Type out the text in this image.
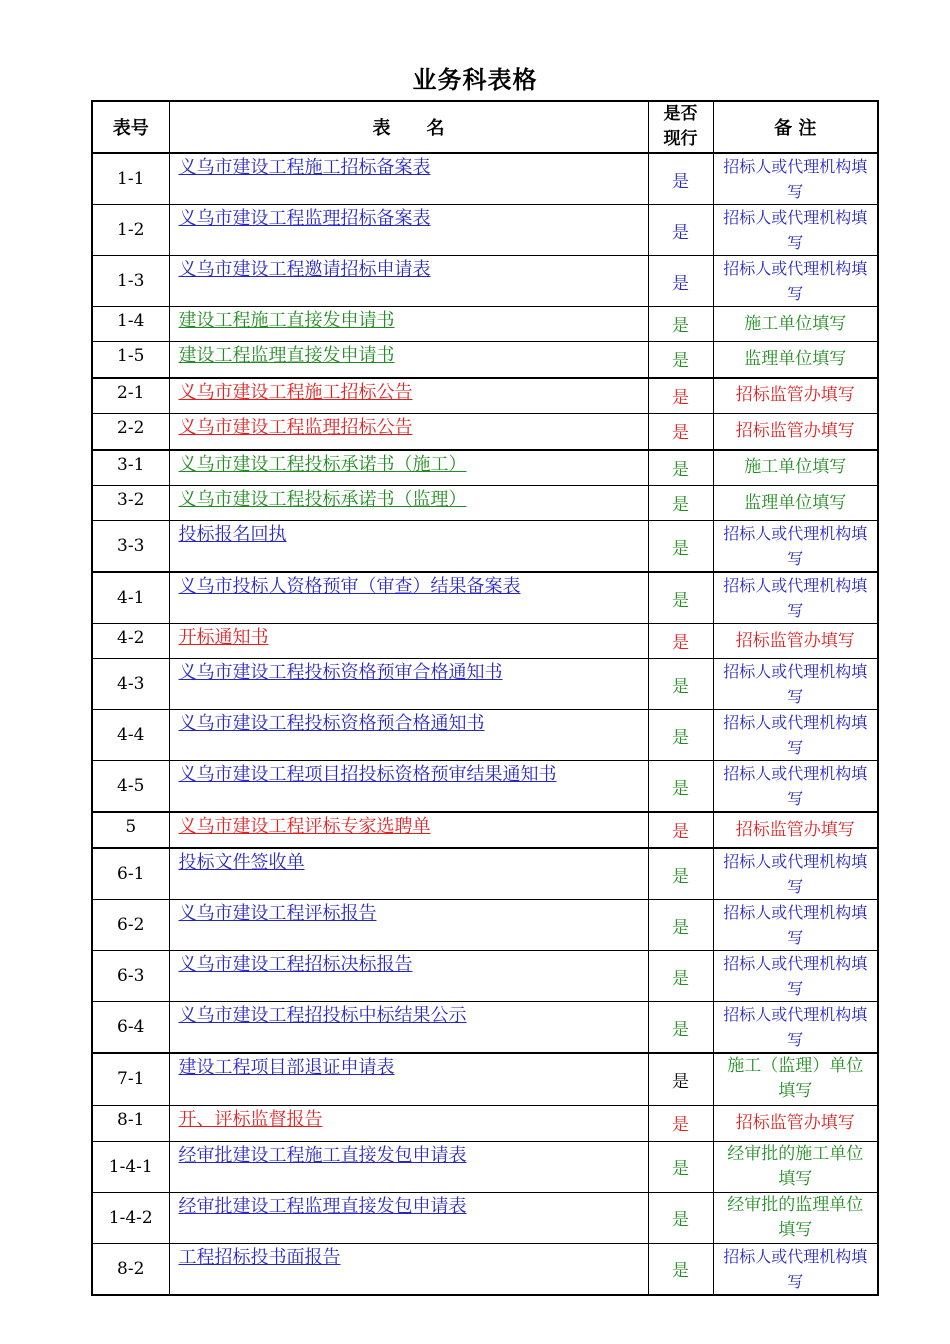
业务科表格
表号	表　　名	是否现行	备 注
1-1	义乌市建设工程施工招标备案表	是	招标人或代理机构填写
1-2	义乌市建设工程监理招标备案表	是	招标人或代理机构填写
1-3	义乌市建设工程邀请招标申请表	是	招标人或代理机构填写
1-4	建设工程施工直接发申请书	是	施工单位填写
1-5	建设工程监理直接发申请书	是	监理单位填写
2-1	义乌市建设工程施工招标公告	是	招标监管办填写
2-2	义乌市建设工程监理招标公告	是	招标监管办填写
3-1	义乌市建设工程投标承诺书（施工）	是	施工单位填写
3-2	义乌市建设工程投标承诺书（监理）	是	监理单位填写
3-3	投标报名回执	是	招标人或代理机构填写
4-1	义乌市投标人资格预审（审查）结果备案表	是	招标人或代理机构填写
4-2	开标通知书	是	招标监管办填写
4-3	义乌市建设工程投标资格预审合格通知书	是	招标人或代理机构填写
4-4	义乌市建设工程投标资格预合格通知书	是	招标人或代理机构填写
4-5	义乌市建设工程项目招投标资格预审结果通知书	是	招标人或代理机构填写
5	义乌市建设工程评标专家选聘单	是	招标监管办填写
6-1	投标文件签收单	是	招标人或代理机构填写
6-2	义乌市建设工程评标报告	是	招标人或代理机构填写
6-3	义乌市建设工程招标决标报告	是	招标人或代理机构填写
6-4	义乌市建设工程招投标中标结果公示	是	招标人或代理机构填写
7-1	建设工程项目部退证申请表	是	施工（监理）单位填写
8-1	开、评标监督报告	是	招标监管办填写
1-4-1	经审批建设工程施工直接发包申请表	是	经审批的施工单位填写
1-4-2	经审批建设工程监理直接发包申请表	是	经审批的监理单位填写
8-2	工程招标投书面报告	是	招标人或代理机构填写
